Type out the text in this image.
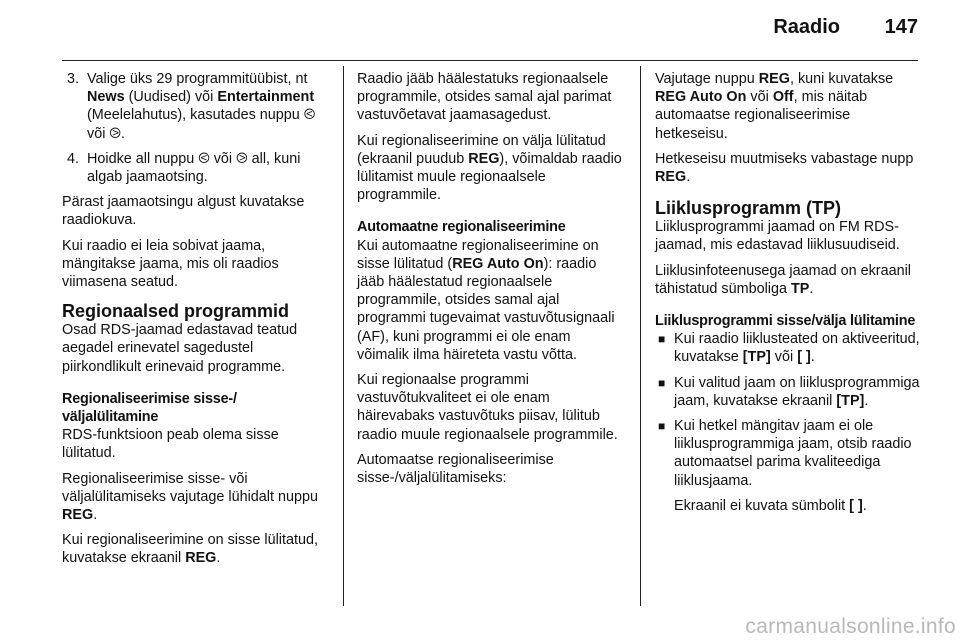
Raadio 147
3. Valige üks 29 programmitüübist, nt News (Uudised) või Entertainment (Meelelahutus), kasutades nuppu ⧀ või ⧁.
4. Hoidke all nuppu ⧀ või ⧁ all, kuni algab jaamaotsing.

Pärast jaamaotsingu algust kuvatakse raadiokuva.

Kui raadio ei leia sobivat jaama, mängitakse jaama, mis oli raadios viimasena seatud.

Regionaalsed programmid

Osad RDS-jaamad edastavad teatud aegadel erinevatel sagedustel piirkondlikult erinevaid programme.

Regionaliseerimise sisse-/ väljalülitamine

RDS-funktsioon peab olema sisse lülitatud.

Regionaliseerimise sisse- või väljalülitamiseks vajutage lühidalt nuppu REG.

Kui regionaliseerimine on sisse lülitatud, kuvatakse ekraanil REG.

Raadio jääb häälestatuks regionaalsele programmile, otsides samal ajal parimat vastuvõetavat jaamasagedust.

Kui regionaliseerimine on välja lülitatud (ekraanil puudub REG), võimaldab raadio lülitamist muule regionaalsele programmile.

Automaatne regionaliseerimine

Kui automaatne regionaliseerimine on sisse lülitatud (REG Auto On): raadio jääb häälestatud regionaalsele programmile, otsides samal ajal programmi tugevaimat vastuvõtusignaali (AF), kuni programmi ei ole enam võimalik ilma häireteta vastu võtta.

Kui regionaalse programmi vastuvõtukvaliteet ei ole enam häirevabaks vastuvõtuks piisav, lülitub raadio muule regionaalsele programmile.

Automaatse regionaliseerimise sisse-/väljalülitamiseks:

Vajutage nuppu REG, kuni kuvatakse REG Auto On või Off, mis näitab automaatse regionaliseerimise hetkeseisu.

Hetkeseisu muutmiseks vabastage nupp REG.

Liiklusprogramm (TP)

Liiklusprogrammi jaamad on FM RDS-jaamad, mis edastavad liiklusuudiseid.

Liiklusinfoteenusega jaamad on ekraanil tähistatud sümboliga TP.

Liiklusprogrammi sisse/välja lülitamine
■ Kui raadio liiklusteated on aktiveeritud, kuvatakse [TP] või [ ].
■ Kui valitud jaam on liiklusprogrammiga jaam, kuvatakse ekraanil [TP].
■ Kui hetkel mängitav jaam ei ole liiklusprogrammiga jaam, otsib raadio automaatsel parima kvaliteediga liiklusjaama.

Ekraanil ei kuvata sümbolit [ ].

carmanualsonline.info
